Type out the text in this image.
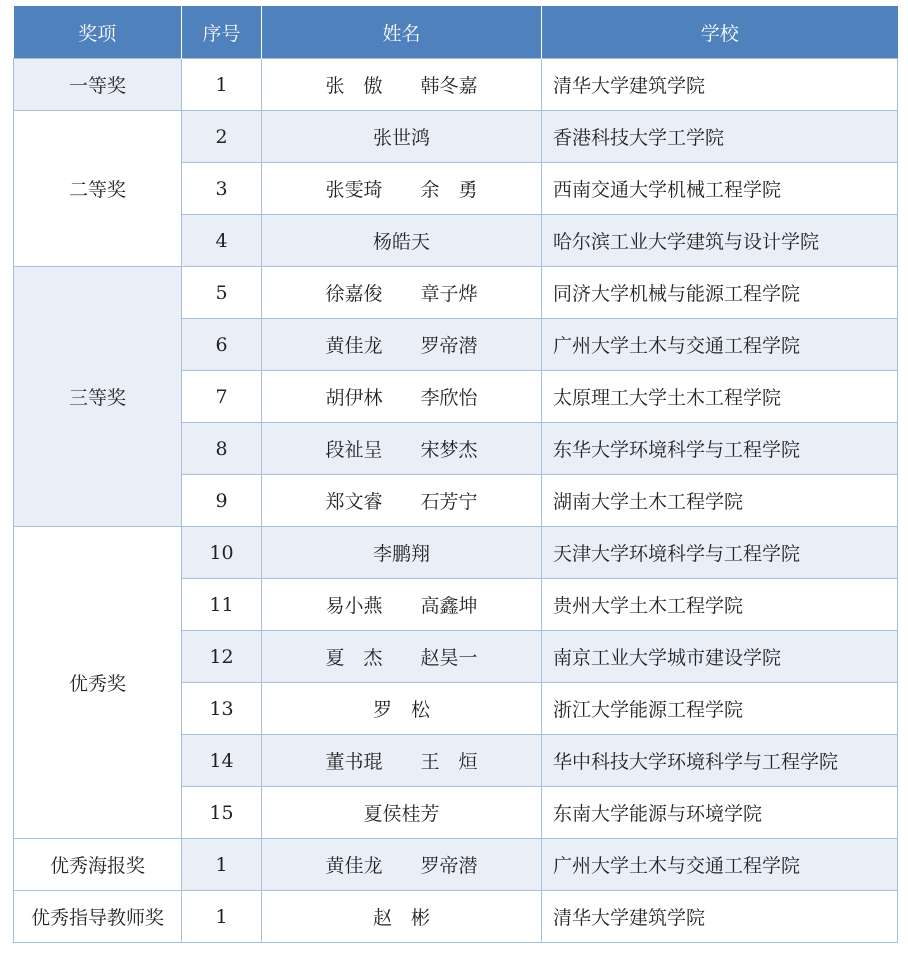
奖项	序号	姓名	学校
一等奖	1	张　傲 韩冬嘉	清华大学建筑学院
二等奖	2	张世鸿	香港科技大学工学院
	3	张雯琦 余　勇	西南交通大学机械工程学院
	4	杨皓天	哈尔滨工业大学建筑与设计学院
三等奖	5	徐嘉俊 章子烨	同济大学机械与能源工程学院
	6	黄佳龙 罗帝潜	广州大学土木与交通工程学院
	7	胡伊林 李欣怡	太原理工大学土木工程学院
	8	段祉呈 宋梦杰	东华大学环境科学与工程学院
	9	郑文睿 石芳宁	湖南大学土木工程学院
优秀奖	10	李鹏翔	天津大学环境科学与工程学院
	11	易小燕 高鑫坤	贵州大学土木工程学院
	12	夏　杰 赵昊一	南京工业大学城市建设学院
	13	罗　松	浙江大学能源工程学院
	14	董书琨 王　烜	华中科技大学环境科学与工程学院
	15	夏侯桂芳	东南大学能源与环境学院
优秀海报奖	1	黄佳龙 罗帝潜	广州大学土木与交通工程学院
优秀指导教师奖	1	赵　彬	清华大学建筑学院
